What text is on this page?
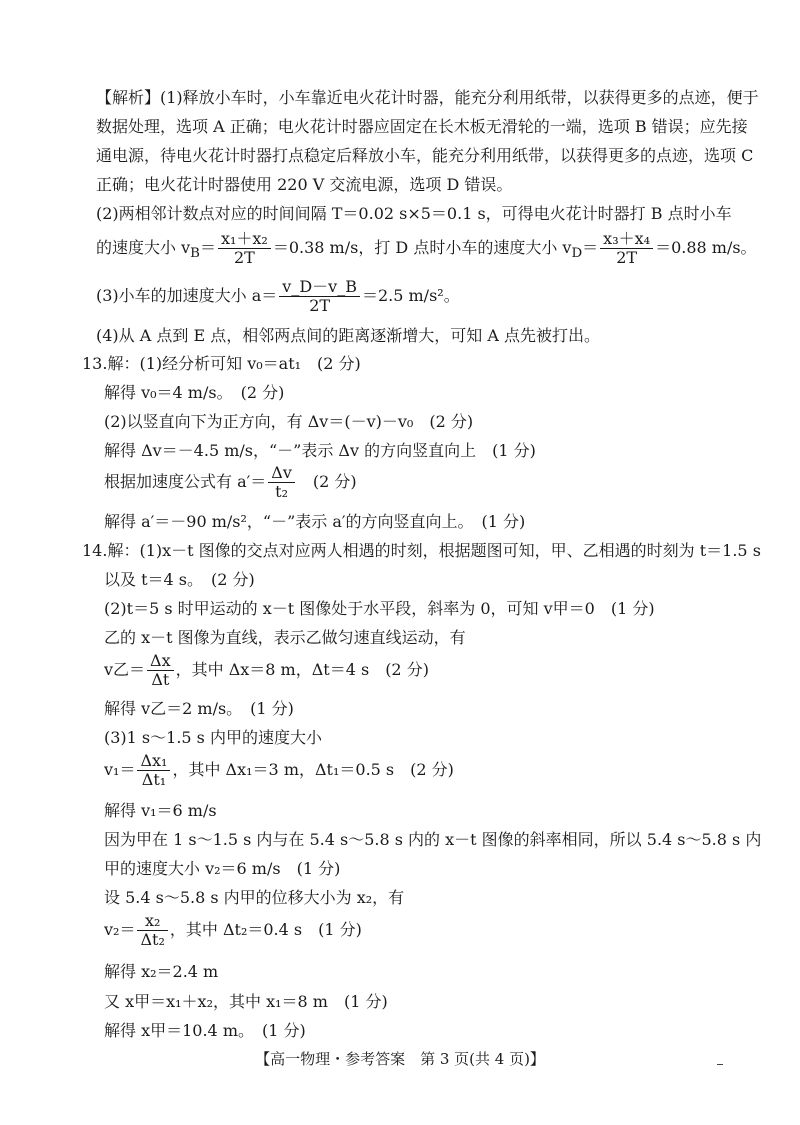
【解析】(1)释放小车时，小车靠近电火花计时器，能充分利用纸带，以获得更多的点迹，便于
数据处理，选项 A 正确；电火花计时器应固定在长木板无滑轮的一端，选项 B 错误；应先接
通电源，待电火花计时器打点稳定后释放小车，能充分利用纸带，以获得更多的点迹，选项 C
正确；电火花计时器使用 220 V 交流电源，选项 D 错误。
(2)两相邻计数点对应的时间间隔 T＝0.02 s×5＝0.1 s，可得电火花计时器打 B 点时小车
的速度大小 $v_B= \frac{\text{x₁＋x₂}}{2T} =0.38$ m/s，打 D 点时小车的速度大小 $v_D= \frac{\text{x₃＋x₄}}{2T} =0.88$ m/s。
(3)小车的加速度大小 $a= \frac{v\_D-v\_B}{2T} =2.5$ m/s²。
(4)从 A 点到 E 点，相邻两点间的距离逐渐增大，可知 A 点先被打出。
13.解：(1)经分析可知 v₀＝at₁　(2 分)
解得 v₀＝4 m/s。　(2 分)
(2)以竖直向下为正方向，有 Δv＝(－v)－v₀　(2 分)
解得 Δv＝－4.5 m/s，“－”表示 Δv 的方向竖直向上　(1 分)
根据加速度公式有 $a'= \frac{\Delta v}{\text{t₂}}$ 　(2 分)
解得 a′＝－90 m/s²，“－”表示 a′的方向竖直向上。　(1 分)
14.解：(1)x－t 图像的交点对应两人相遇的时刻，根据题图可知，甲、乙相遇的时刻为 t＝1.5 s
以及 t＝4 s。　(2 分)
(2)t＝5 s 时甲运动的 x－t 图像处于水平段，斜率为 0，可知 v甲＝0　(1 分)
乙的 x－t 图像为直线，表示乙做匀速直线运动，有
v乙＝ $\frac{\Delta x}{\Delta t}$ ，其中 Δx＝8 m，Δt＝4 s　(2 分)
解得 v乙＝2 m/s。　(1 分)
(3)1 s～1.5 s 内甲的速度大小
$v_1= \frac{\text{Δx₁}}{\text{Δt₁}}$ ，其中 Δx₁＝3 m，Δt₁＝0.5 s　(2 分)
解得 v₁＝6 m/s
因为甲在 1 s～1.5 s 内与在 5.4 s～5.8 s 内的 x－t 图像的斜率相同，所以 5.4 s～5.8 s 内
甲的速度大小 v₂＝6 m/s　(1 分)
设 5.4 s～5.8 s 内甲的位移大小为 x₂，有
$v_2= \frac{\text{x₂}}{\text{Δt₂}}$ ，其中 Δt₂＝0.4 s　(1 分)
解得 x₂＝2.4 m
又 x甲＝x₁＋x₂，其中 x₁＝8 m　(1 分)
解得 x甲＝10.4 m。　(1 分)
【高一物理・参考答案　第 3 页(共 4 页)】
